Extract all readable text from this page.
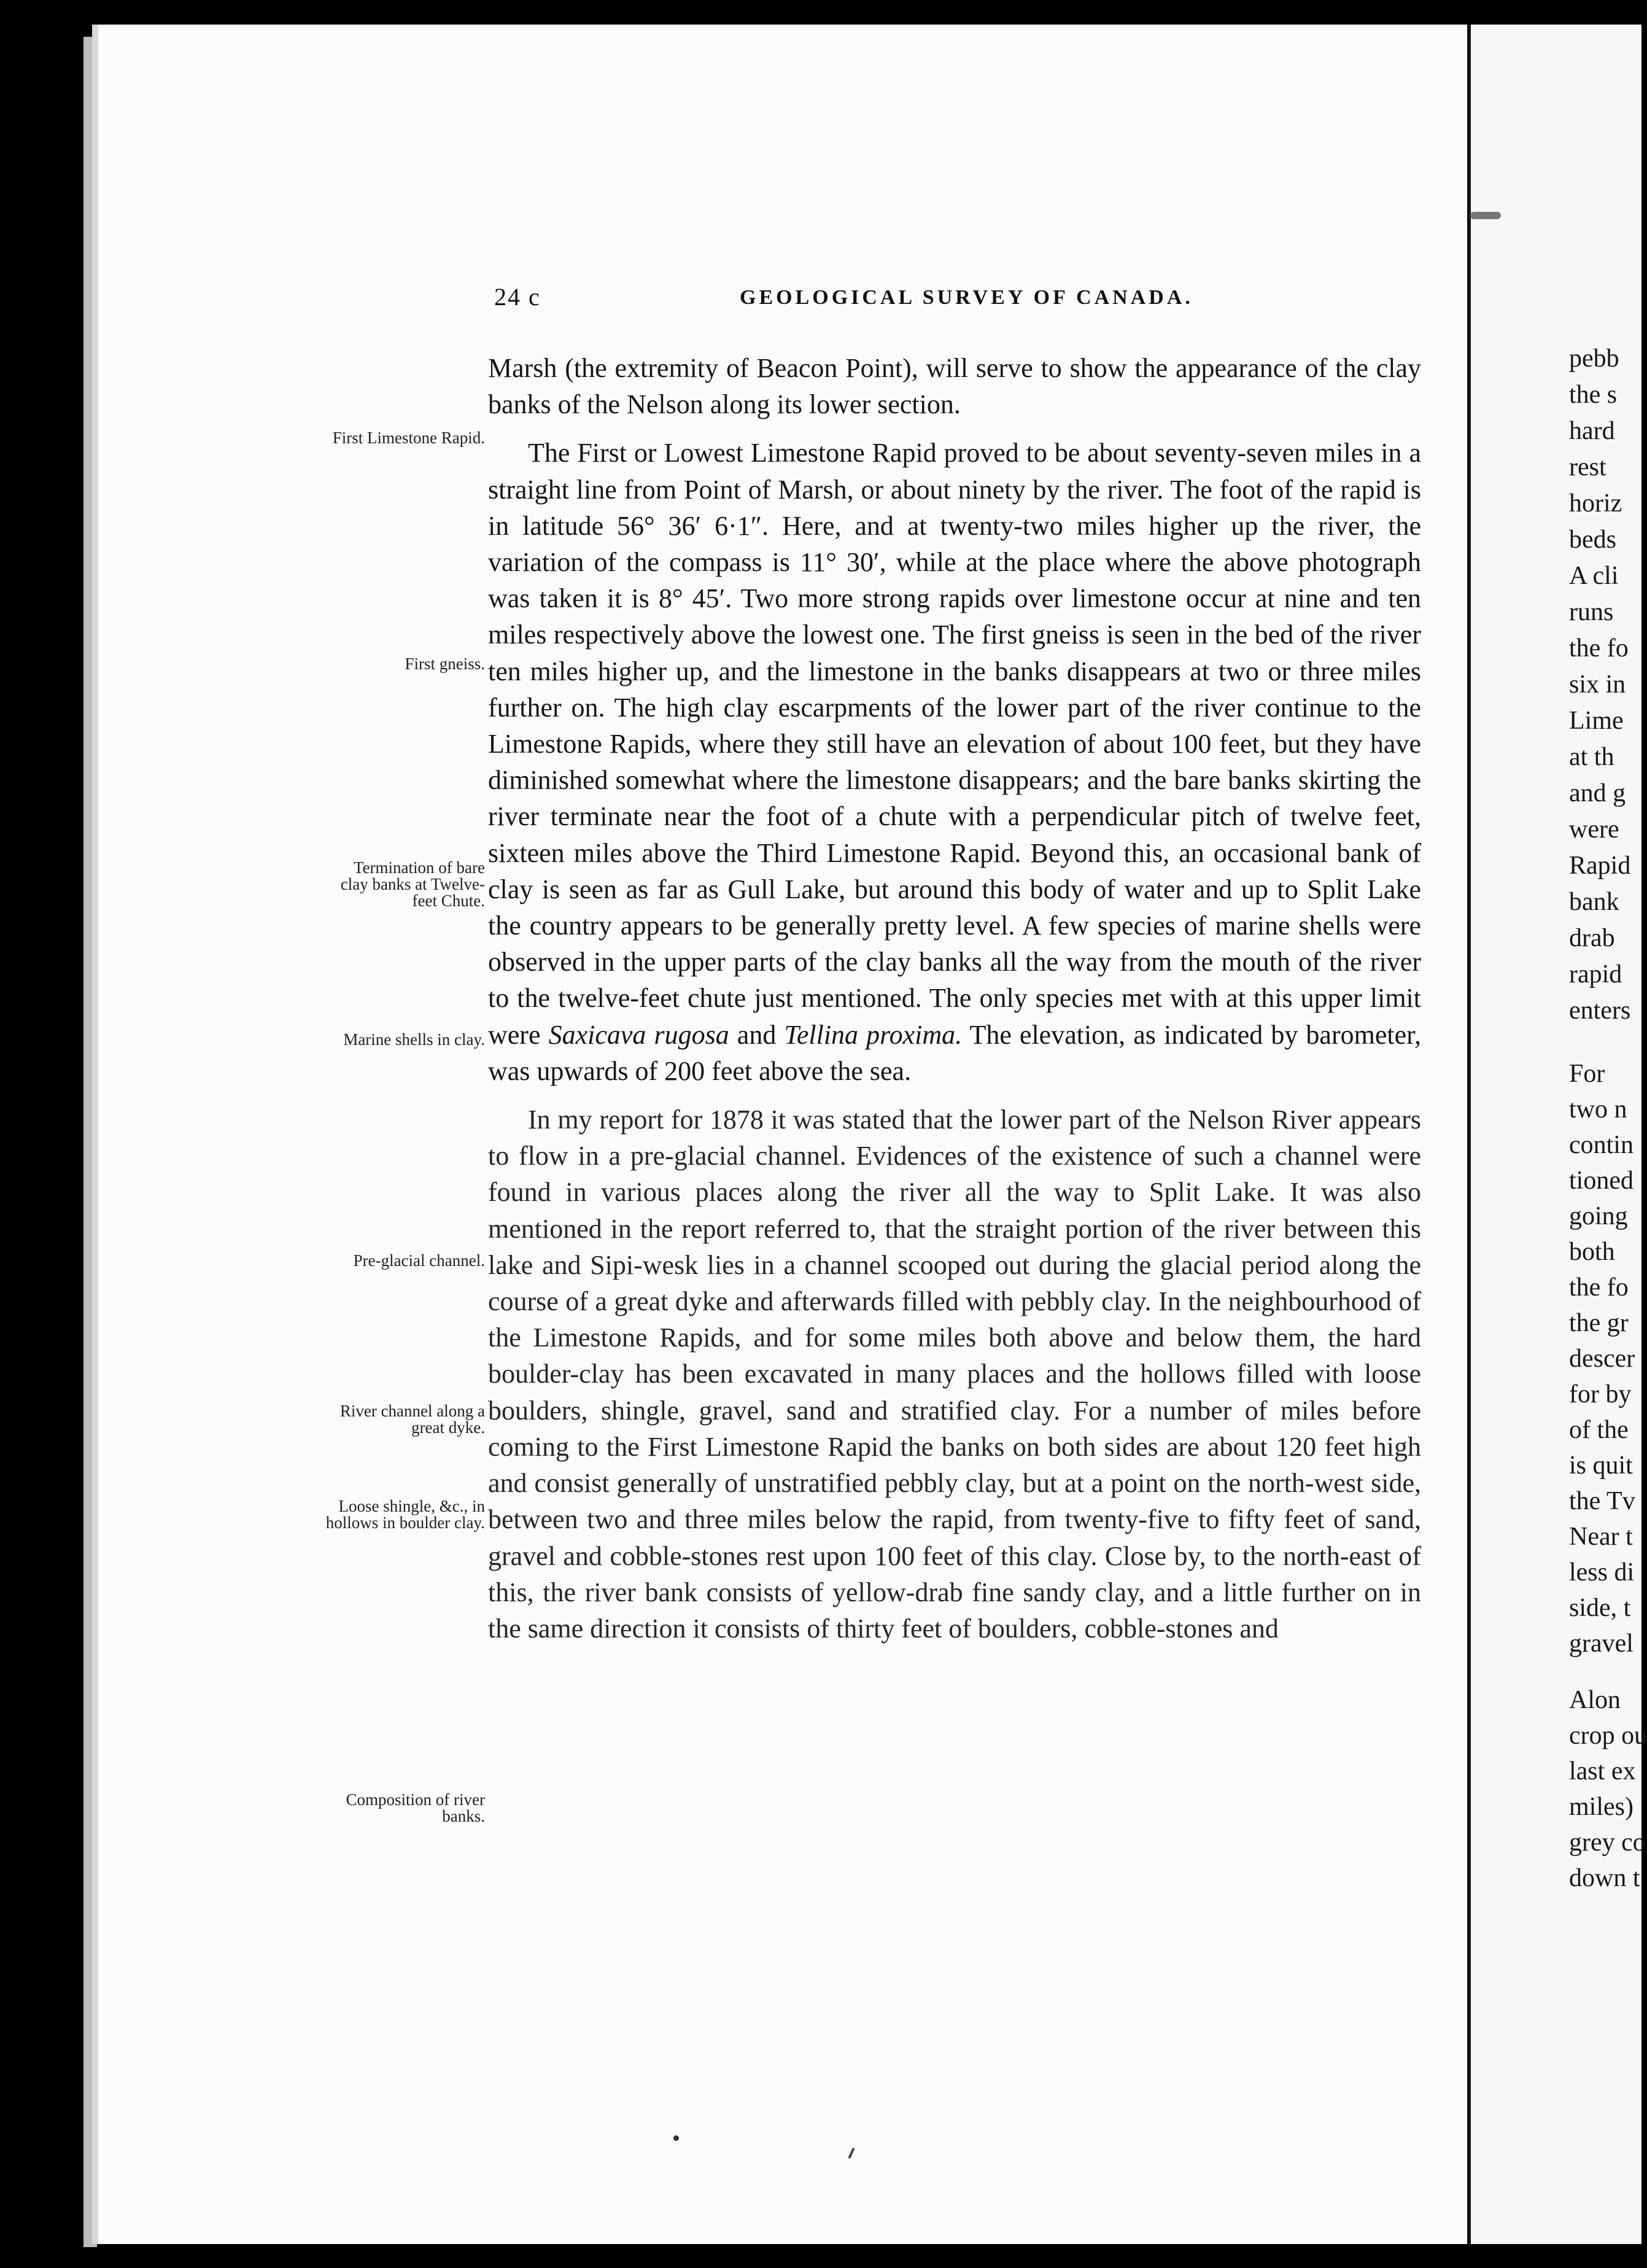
pebb
the s
hard
rest
horiz
beds
A cli
runs
the fo
six in
Lime
at th
and g
were
Rapid
bank
drab
rapid
enters
For
two n
contin
tioned
going
both
the fo
the gr
descer
for by
of the
is quit
the Tv
Near t
less di
side, t
gravel
Alon
crop ou
last ex
miles)
grey co
down t
24 c	GEOLOGICAL SURVEY OF CANADA.
First Limestone Rapid.
First gneiss.
Termination of bare clay banks at Twelve-feet Chute.
Marine shells in clay.
Pre-glacial channel.
River channel along a great dyke.
Loose shingle, &c., in hollows in boulder clay.
Composition of river banks.

Marsh (the extremity of Beacon Point), will serve to show the appearance of the clay banks of the Nelson along its lower section.

The First or Lowest Limestone Rapid proved to be about seventy-seven miles in a straight line from Point of Marsh, or about ninety by the river. The foot of the rapid is in latitude 56° 36′ 6·1″. Here, and at twenty-two miles higher up the river, the variation of the compass is 11° 30′, while at the place where the above photograph was taken it is 8° 45′. Two more strong rapids over limestone occur at nine and ten miles respectively above the lowest one. The first gneiss is seen in the bed of the river ten miles higher up, and the limestone in the banks disappears at two or three miles further on. The high clay escarpments of the lower part of the river continue to the Limestone Rapids, where they still have an elevation of about 100 feet, but they have diminished somewhat where the limestone disappears; and the bare banks skirting the river terminate near the foot of a chute with a perpendicular pitch of twelve feet, sixteen miles above the Third Limestone Rapid. Beyond this, an occasional bank of clay is seen as far as Gull Lake, but around this body of water and up to Split Lake the country appears to be generally pretty level. A few species of marine shells were observed in the upper parts of the clay banks all the way from the mouth of the river to the twelve-feet chute just mentioned. The only species met with at this upper limit were Saxicava rugosa and Tellina proxima. The elevation, as indicated by barometer, was upwards of 200 feet above the sea.

In my report for 1878 it was stated that the lower part of the Nelson River appears to flow in a pre-glacial channel. Evidences of the existence of such a channel were found in various places along the river all the way to Split Lake. It was also mentioned in the report referred to, that the straight portion of the river between this lake and Sipi-wesk lies in a channel scooped out during the glacial period along the course of a great dyke and afterwards filled with pebbly clay. In the neighbourhood of the Limestone Rapids, and for some miles both above and below them, the hard boulder-clay has been excavated in many places and the hollows filled with loose boulders, shingle, gravel, sand and stratified clay. For a number of miles before coming to the First Limestone Rapid the banks on both sides are about 120 feet high and consist generally of unstratified pebbly clay, but at a point on the north-west side, between two and three miles below the rapid, from twenty-five to fifty feet of sand, gravel and cobble-stones rest upon 100 feet of this clay. Close by, to the north-east of this, the river bank consists of yellow-drab fine sandy clay, and a little further on in the same direction it consists of thirty feet of boulders, cobble-stones and
